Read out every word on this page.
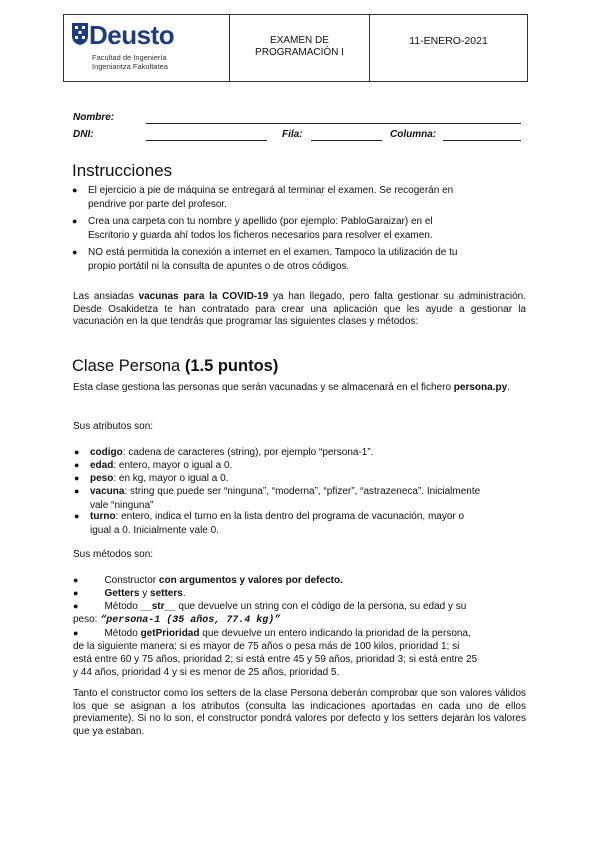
Deusto
Facultad de Ingeniería
Ingeniaritza Fakultatea
EXAMEN DE
PROGRAMACIÓN I
11-ENERO-2021
Nombre:
DNI:	Fila:	Columna:
Instrucciones
● El ejercicio a pie de máquina se entregará al terminar el examen. Se recogerán en
pendrive por parte del profesor.
● Crea una carpeta con tu nombre y apellido (por ejemplo: PabloGaraizar) en el
Escritorio y guarda ahí todos los ficheros necesarios para resolver el examen.
● NO está permitida la conexión a internet en el examen. Tampoco la utilización de tu
propio portátil ni la consulta de apuntes o de otros códigos.
Las ansiadas vacunas para la COVID-19 ya han llegado, pero falta gestionar su administración. Desde Osakidetza te han contratado para crear una aplicación que les ayude a gestionar la vacunación en la que tendrás que programar las siguientes clases y métodos:
Clase Persona (1.5 puntos)
Esta clase gestiona las personas que serán vacunadas y se almacenará en el fichero persona.py.
Sus atributos son:
● codigo: cadena de caracteres (string), por ejemplo “persona-1”.
● edad: entero, mayor o igual a 0.
● peso: en kg, mayor o igual a 0.
● vacuna: string que puede ser “ninguna”, “moderna”, “pfizer”, “astrazeneca”. Inicialmente
vale “ninguna”
● turno: entero, indica el turno en la lista dentro del programa de vacunación, mayor o
igual a 0. Inicialmente vale 0.
Sus métodos son:
●	Constructor con argumentos y valores por defecto.
●	Getters y setters.
●	Método __str__ que devuelve un string con el código de la persona, su edad y su
peso: “persona-1 (35 años, 77.4 kg)”
●	Método getPrioridad que devuelve un entero indicando la prioridad de la persona,
de la siguiente manera: si es mayor de 75 años o pesa más de 100 kilos, prioridad 1; si
está entre 60 y 75 años, prioridad 2; si está entre 45 y 59 años, prioridad 3; si está entre 25
y 44 años, prioridad 4 y si es menor de 25 años, prioridad 5.
Tanto el constructor como los setters de la clase Persona deberán comprobar que son valores válidos los que se asignan a los atributos (consulta las indicaciones aportadas en cada uno de ellos previamente). Si no lo son, el constructor pondrá valores por defecto y los setters dejarán los valores que ya estaban.
